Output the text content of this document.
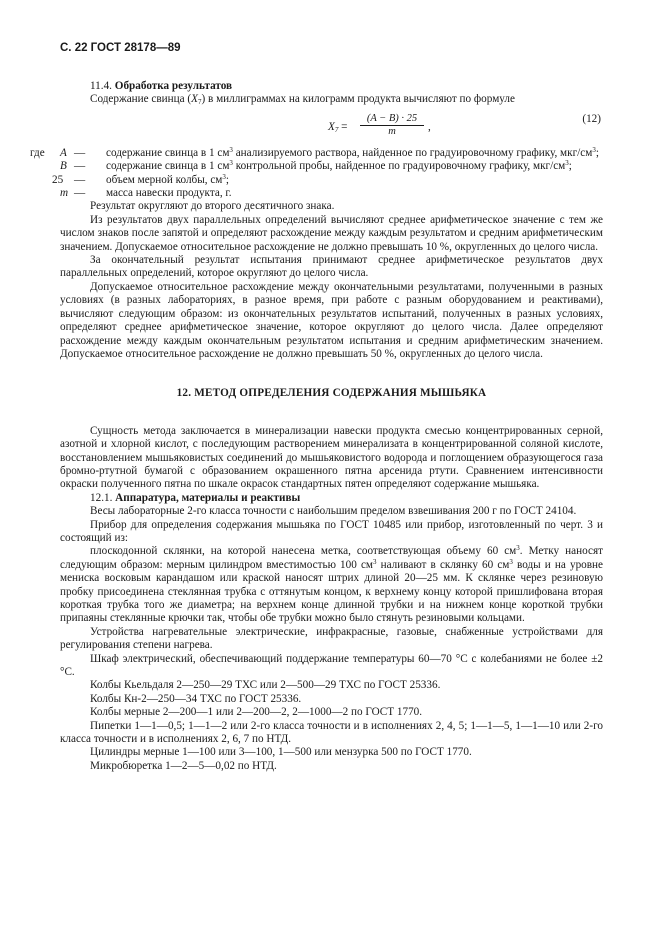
С. 22 ГОСТ 28178—89

11.4. Обработка результатов

Содержание свинца $(X_7)$ в миллиграммах на килограмм продукта вычисляют по формуле

$X_7 = \frac{(A - B) \cdot 25}{m}$ ,
(12)
где A — содержание свинца в 1 $см^3$ анализируемого раствора, найденное по градуировочному графику, мкг/$см^3$;
B — содержание свинца в 1 $см^3$ контрольной пробы, найденное по градуировочному графику, мкг/$см^3$;
25 — объем мерной колбы, $см^3$;
m — масса навески продукта, г.

Результат округляют до второго десятичного знака.

Из результатов двух параллельных определений вычисляют среднее арифметическое значение с тем же числом знаков после запятой и определяют расхождение между каждым результатом и средним арифметическим значением. Допускаемое относительное расхождение не должно превышать 10 %, округленных до целого числа.

За окончательный результат испытания принимают среднее арифметическое результатов двух параллельных определений, которое округляют до целого числа.

Допускаемое относительное расхождение между окончательными результатами, полученными в разных условиях (в разных лабораториях, в разное время, при работе с разным оборудованием и реактивами), вычисляют следующим образом: из окончательных результатов испытаний, полученных в разных условиях, определяют среднее арифметическое значение, которое округляют до целого числа. Далее определяют расхождение между каждым окончательным результатом испытания и средним арифметическим значением. Допускаемое относительное расхождение не должно превышать 50 %, округленных до целого числа.

12. МЕТОД ОПРЕДЕЛЕНИЯ СОДЕРЖАНИЯ МЫШЬЯКА

Сущность метода заключается в минерализации навески продукта смесью концентрированных серной, азотной и хлорной кислот, с последующим растворением минерализата в концентрированной соляной кислоте, восстановлением мышьяковистых соединений до мышьяковистого водорода и поглощением образующегося газа бромно-ртутной бумагой с образованием окрашенного пятна арсенида ртути. Сравнением интенсивности окраски полученного пятна по шкале окрасок стандартных пятен определяют содержание мышьяка.

12.1. Аппаратура, материалы и реактивы

Весы лабораторные 2-го класса точности с наибольшим пределом взвешивания 200 г по ГОСТ 24104.

Прибор для определения содержания мышьяка по ГОСТ 10485 или прибор, изготовленный по черт. 3 и состоящий из:

плоскодонной склянки, на которой нанесена метка, соответствующая объему 60 $см^3$. Метку наносят следующим образом: мерным цилиндром вместимостью 100 $см^3$ наливают в склянку 60 $см^3$ воды и на уровне мениска восковым карандашом или краской наносят штрих длиной 20—25 мм. К склянке через резиновую пробку присоединена стеклянная трубка с оттянутым концом, к верхнему концу которой пришлифована вторая короткая трубка того же диаметра; на верхнем конце длинной трубки и на нижнем конце короткой трубки припаяны стеклянные крючки так, чтобы обе трубки можно было стянуть резиновыми кольцами.

Устройства нагревательные электрические, инфракрасные, газовые, снабженные устройствами для регулирования степени нагрева.

Шкаф электрический, обеспечивающий поддержание температуры 60—70 °С с колебаниями не более ±2 °С.

Колбы Кьельдаля 2—250—29 ТХС или 2—500—29 ТХС по ГОСТ 25336.

Колбы Кн-2—250—34 ТХС по ГОСТ 25336.

Колбы мерные 2—200—1 или 2—200—2, 2—1000—2 по ГОСТ 1770.

Пипетки 1—1—0,5; 1—1—2 или 2-го класса точности и в исполнениях 2, 4, 5; 1—1—5, 1—1—10 или 2-го класса точности и в исполнениях 2, 6, 7 по НТД.

Цилиндры мерные 1—100 или 3—100, 1—500 или мензурка 500 по ГОСТ 1770.

Микробюретка 1—2—5—0,02 по НТД.
